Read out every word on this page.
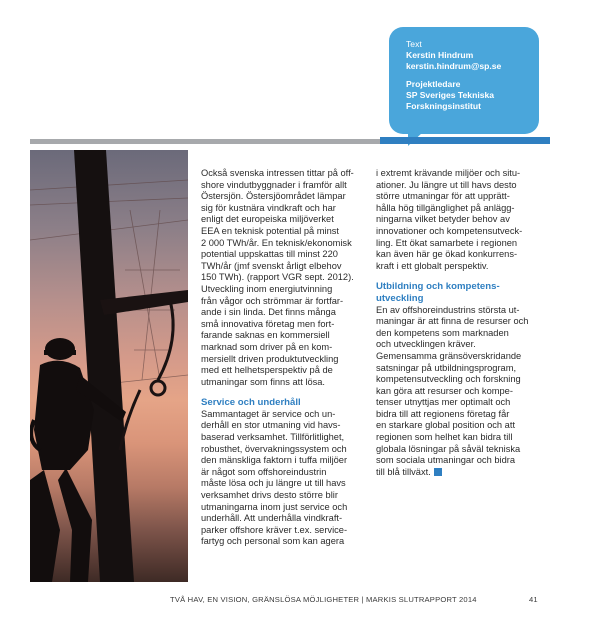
Text
Kerstin Hindrum
kerstin.hindrum@sp.se
Projektledare
SP Sveriges Tekniska
Forskningsinstitut
Också svenska intressen tittar på off-
shore vindutbyggnader i framför allt
Östersjön. Östersjöområdet lämpar
sig för kustnära vindkraft och har
enligt det europeiska miljöverket
EEA en teknisk potential på minst
2 000 TWh/år. En teknisk/ekonomisk
potential uppskattas till minst 220
TWh/år (jmf svenskt årligt elbehov
150 TWh). (rapport VGR sept. 2012).
Utveckling inom energiutvinning
från vågor och strömmar är fortfar-
ande i sin linda. Det finns många
små innovativa företag men fort-
farande saknas en kommersiell
marknad som driver på en kom-
mersiellt driven produktutveckling
med ett helhetsperspektiv på de
utmaningar som finns att lösa.

Service och underhåll

Sammantaget är service och un-
derhåll en stor utmaning vid havs-
baserad verksamhet. Tillförlitlighet,
robusthet, övervakningssystem och
den mänskliga faktorn i tuffa miljöer
är något som offshoreindustrin
måste lösa och ju längre ut till havs
verksamhet drivs desto större blir
utmaningarna inom just service och
underhåll. Att underhålla vindkraft-
parker offshore kräver t.ex. service-
fartyg och personal som kan agera
i extremt krävande miljöer och situ-
ationer. Ju längre ut till havs desto
större utmaningar för att upprätt-
hålla hög tillgänglighet på anlägg-
ningarna vilket betyder behov av
innovationer och kompetensutveck-
ling. Ett ökat samarbete i regionen
kan även här ge ökad konkurrens-
kraft i ett globalt perspektiv.

Utbildning och kompetens-
utveckling

En av offshoreindustrins största ut-
maningar är att finna de resurser och
den kompetens som marknaden
och utvecklingen kräver.
Gemensamma gränsöverskridande
satsningar på utbildningsprogram,
kompetensutveckling och forskning
kan göra att resurser och kompe-
tenser utnyttjas mer optimalt och
bidra till att regionens företag får
en starkare global position och att
regionen som helhet kan bidra till
globala lösningar på såväl tekniska
som sociala utmaningar och bidra
till blå tillväxt.
TVÅ HAV, EN VISION, GRÄNSLÖSA MÖJLIGHETER | MARKIS SLUTRAPPORT 2014	41
